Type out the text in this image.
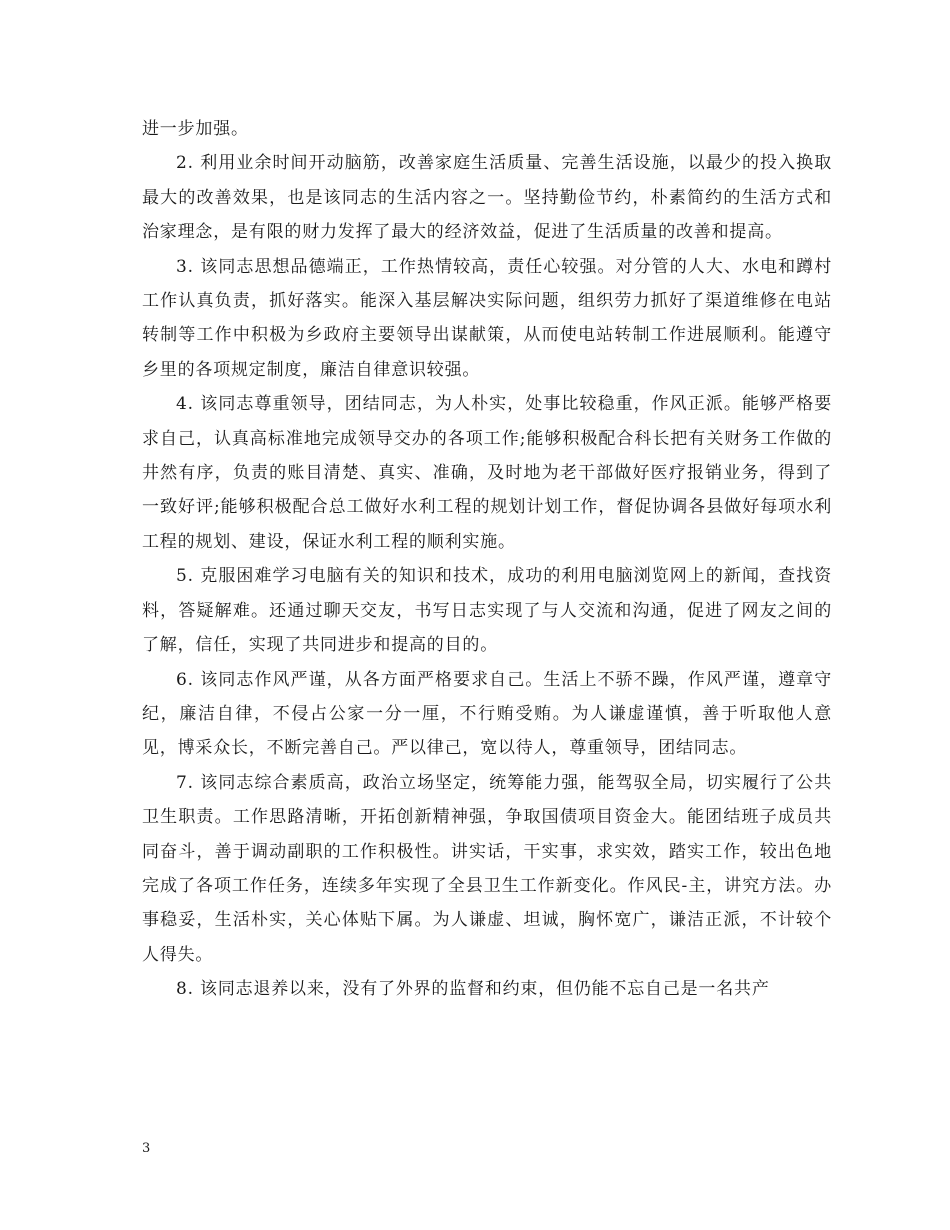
进一步加强。

2. 利用业余时间开动脑筋，改善家庭生活质量、完善生活设施，以最少的投入换取最大的改善效果，也是该同志的生活内容之一。坚持勤俭节约，朴素简约的生活方式和治家理念，是有限的财力发挥了最大的经济效益，促进了生活质量的改善和提高。

3. 该同志思想品德端正，工作热情较高，责任心较强。对分管的人大、水电和蹲村工作认真负责，抓好落实。能深入基层解决实际问题，组织劳力抓好了渠道维修在电站转制等工作中积极为乡政府主要领导出谋献策，从而使电站转制工作进展顺利。能遵守乡里的各项规定制度，廉洁自律意识较强。

4. 该同志尊重领导，团结同志，为人朴实，处事比较稳重，作风正派。能够严格要求自己，认真高标准地完成领导交办的各项工作;能够积极配合科长把有关财务工作做的井然有序，负责的账目清楚、真实、准确，及时地为老干部做好医疗报销业务，得到了一致好评;能够积极配合总工做好水利工程的规划计划工作，督促协调各县做好每项水利工程的规划、建设，保证水利工程的顺利实施。

5. 克服困难学习电脑有关的知识和技术，成功的利用电脑浏览网上的新闻，查找资料，答疑解难。还通过聊天交友，书写日志实现了与人交流和沟通，促进了网友之间的了解，信任，实现了共同进步和提高的目的。

6. 该同志作风严谨，从各方面严格要求自己。生活上不骄不躁，作风严谨，遵章守纪，廉洁自律，不侵占公家一分一厘，不行贿受贿。为人谦虚谨慎，善于听取他人意见，博采众长，不断完善自己。严以律己，宽以待人，尊重领导，团结同志。

7. 该同志综合素质高，政治立场坚定，统筹能力强，能驾驭全局，切实履行了公共卫生职责。工作思路清晰，开拓创新精神强，争取国债项目资金大。能团结班子成员共同奋斗，善于调动副职的工作积极性。讲实话，干实事，求实效，踏实工作，较出色地完成了各项工作任务，连续多年实现了全县卫生工作新变化。作风民-主，讲究方法。办事稳妥，生活朴实，关心体贴下属。为人谦虚、坦诚，胸怀宽广，谦洁正派，不计较个人得失。

8. 该同志退养以来，没有了外界的监督和约束，但仍能不忘自己是一名共产

3
